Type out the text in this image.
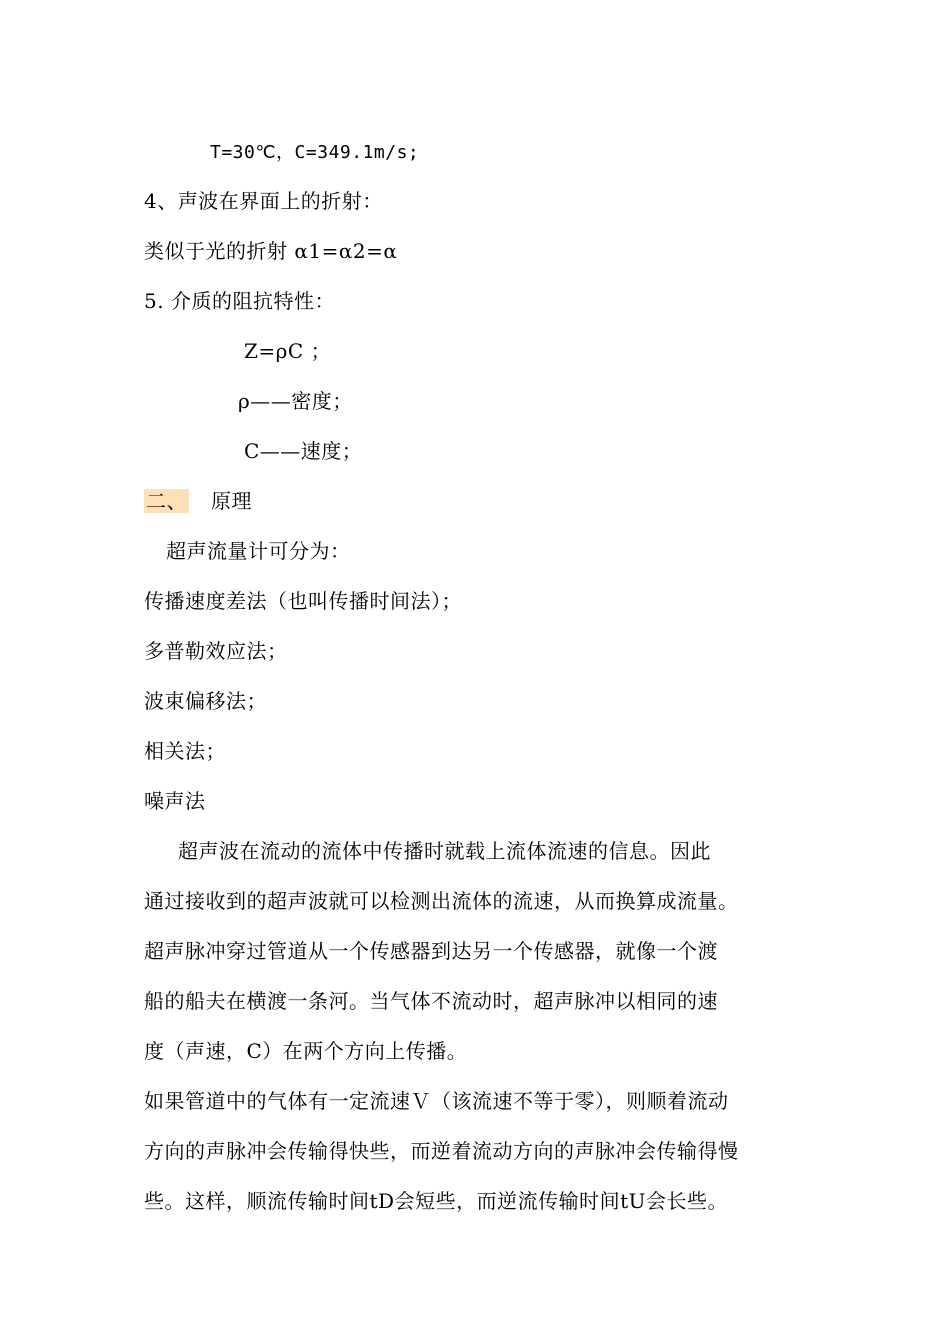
T=30℃，C=349.1m/s;
4、声波在界面上的折射：
类似于光的折射 α1=α2=α
5. 介质的阻抗特性：
Z=ρC ；
ρ——密度；
C——速度；
二、 原理
超声流量计可分为：
传播速度差法（也叫传播时间法）；
多普勒效应法；
波束偏移法；
相关法；
噪声法
超声波在流动的流体中传播时就载上流体流速的信息。因此
通过接收到的超声波就可以检测出流体的流速，从而换算成流量。
超声脉冲穿过管道从一个传感器到达另一个传感器，就像一个渡
船的船夫在横渡一条河。当气体不流动时，超声脉冲以相同的速
度（声速，C）在两个方向上传播。
如果管道中的气体有一定流速Ｖ（该流速不等于零），则顺着流动
方向的声脉冲会传输得快些，而逆着流动方向的声脉冲会传输得慢
些。这样，顺流传输时间tD会短些，而逆流传输时间tU会长些。
